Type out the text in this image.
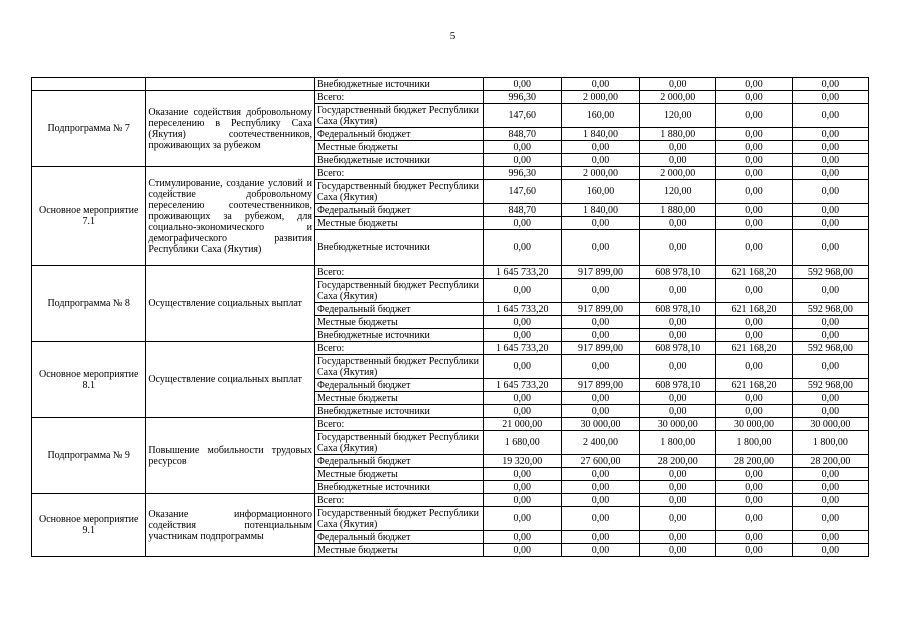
5
		Внебюджетные источники	0,00	0,00	0,00	0,00	0,00
Подпрограмма № 7	Оказание содействия добровольному переселению в Республику Саха (Якутия) соотечественников, проживающих за рубежом	Всего:	996,30	2 000,00	2 000,00	0,00	0,00
		Государственный бюджет Республики Саха (Якутия)	147,60	160,00	120,00	0,00	0,00
		Федеральный бюджет	848,70	1 840,00	1 880,00	0,00	0,00
		Местные бюджеты	0,00	0,00	0,00	0,00	0,00
		Внебюджетные источники	0,00	0,00	0,00	0,00	0,00
Основное мероприятие 7.1	Стимулирование, создание условий и содействие добровольному переселению соотечественников, проживающих за рубежом, для социально-экономического и демографического развития Республики Саха (Якутия)	Всего:	996,30	2 000,00	2 000,00	0,00	0,00
		Государственный бюджет Республики Саха (Якутия)	147,60	160,00	120,00	0,00	0,00
		Федеральный бюджет	848,70	1 840,00	1 880,00	0,00	0,00
		Местные бюджеты	0,00	0,00	0,00	0,00	0,00
		Внебюджетные источники	0,00	0,00	0,00	0,00	0,00
Подпрограмма № 8	Осуществление социальных выплат	Всего:	1 645 733,20	917 899,00	608 978,10	621 168,20	592 968,00
		Государственный бюджет Республики Саха (Якутия)	0,00	0,00	0,00	0,00	0,00
		Федеральный бюджет	1 645 733,20	917 899,00	608 978,10	621 168,20	592 968,00
		Местные бюджеты	0,00	0,00	0,00	0,00	0,00
		Внебюджетные источники	0,00	0,00	0,00	0,00	0,00
Основное мероприятие 8.1	Осуществление социальных выплат	Всего:	1 645 733,20	917 899,00	608 978,10	621 168,20	592 968,00
		Государственный бюджет Республики Саха (Якутия)	0,00	0,00	0,00	0,00	0,00
		Федеральный бюджет	1 645 733,20	917 899,00	608 978,10	621 168,20	592 968,00
		Местные бюджеты	0,00	0,00	0,00	0,00	0,00
		Внебюджетные источники	0,00	0,00	0,00	0,00	0,00
Подпрограмма № 9	Повышение мобильности трудовых ресурсов	Всего:	21 000,00	30 000,00	30 000,00	30 000,00	30 000,00
		Государственный бюджет Республики Саха (Якутия)	1 680,00	2 400,00	1 800,00	1 800,00	1 800,00
		Федеральный бюджет	19 320,00	27 600,00	28 200,00	28 200,00	28 200,00
		Местные бюджеты	0,00	0,00	0,00	0,00	0,00
		Внебюджетные источники	0,00	0,00	0,00	0,00	0,00
Основное мероприятие 9.1	Оказание информационного содействия потенциальным участникам подпрограммы	Всего:	0,00	0,00	0,00	0,00	0,00
		Государственный бюджет Республики Саха (Якутия)	0,00	0,00	0,00	0,00	0,00
		Федеральный бюджет	0,00	0,00	0,00	0,00	0,00
		Местные бюджеты	0,00	0,00	0,00	0,00	0,00
